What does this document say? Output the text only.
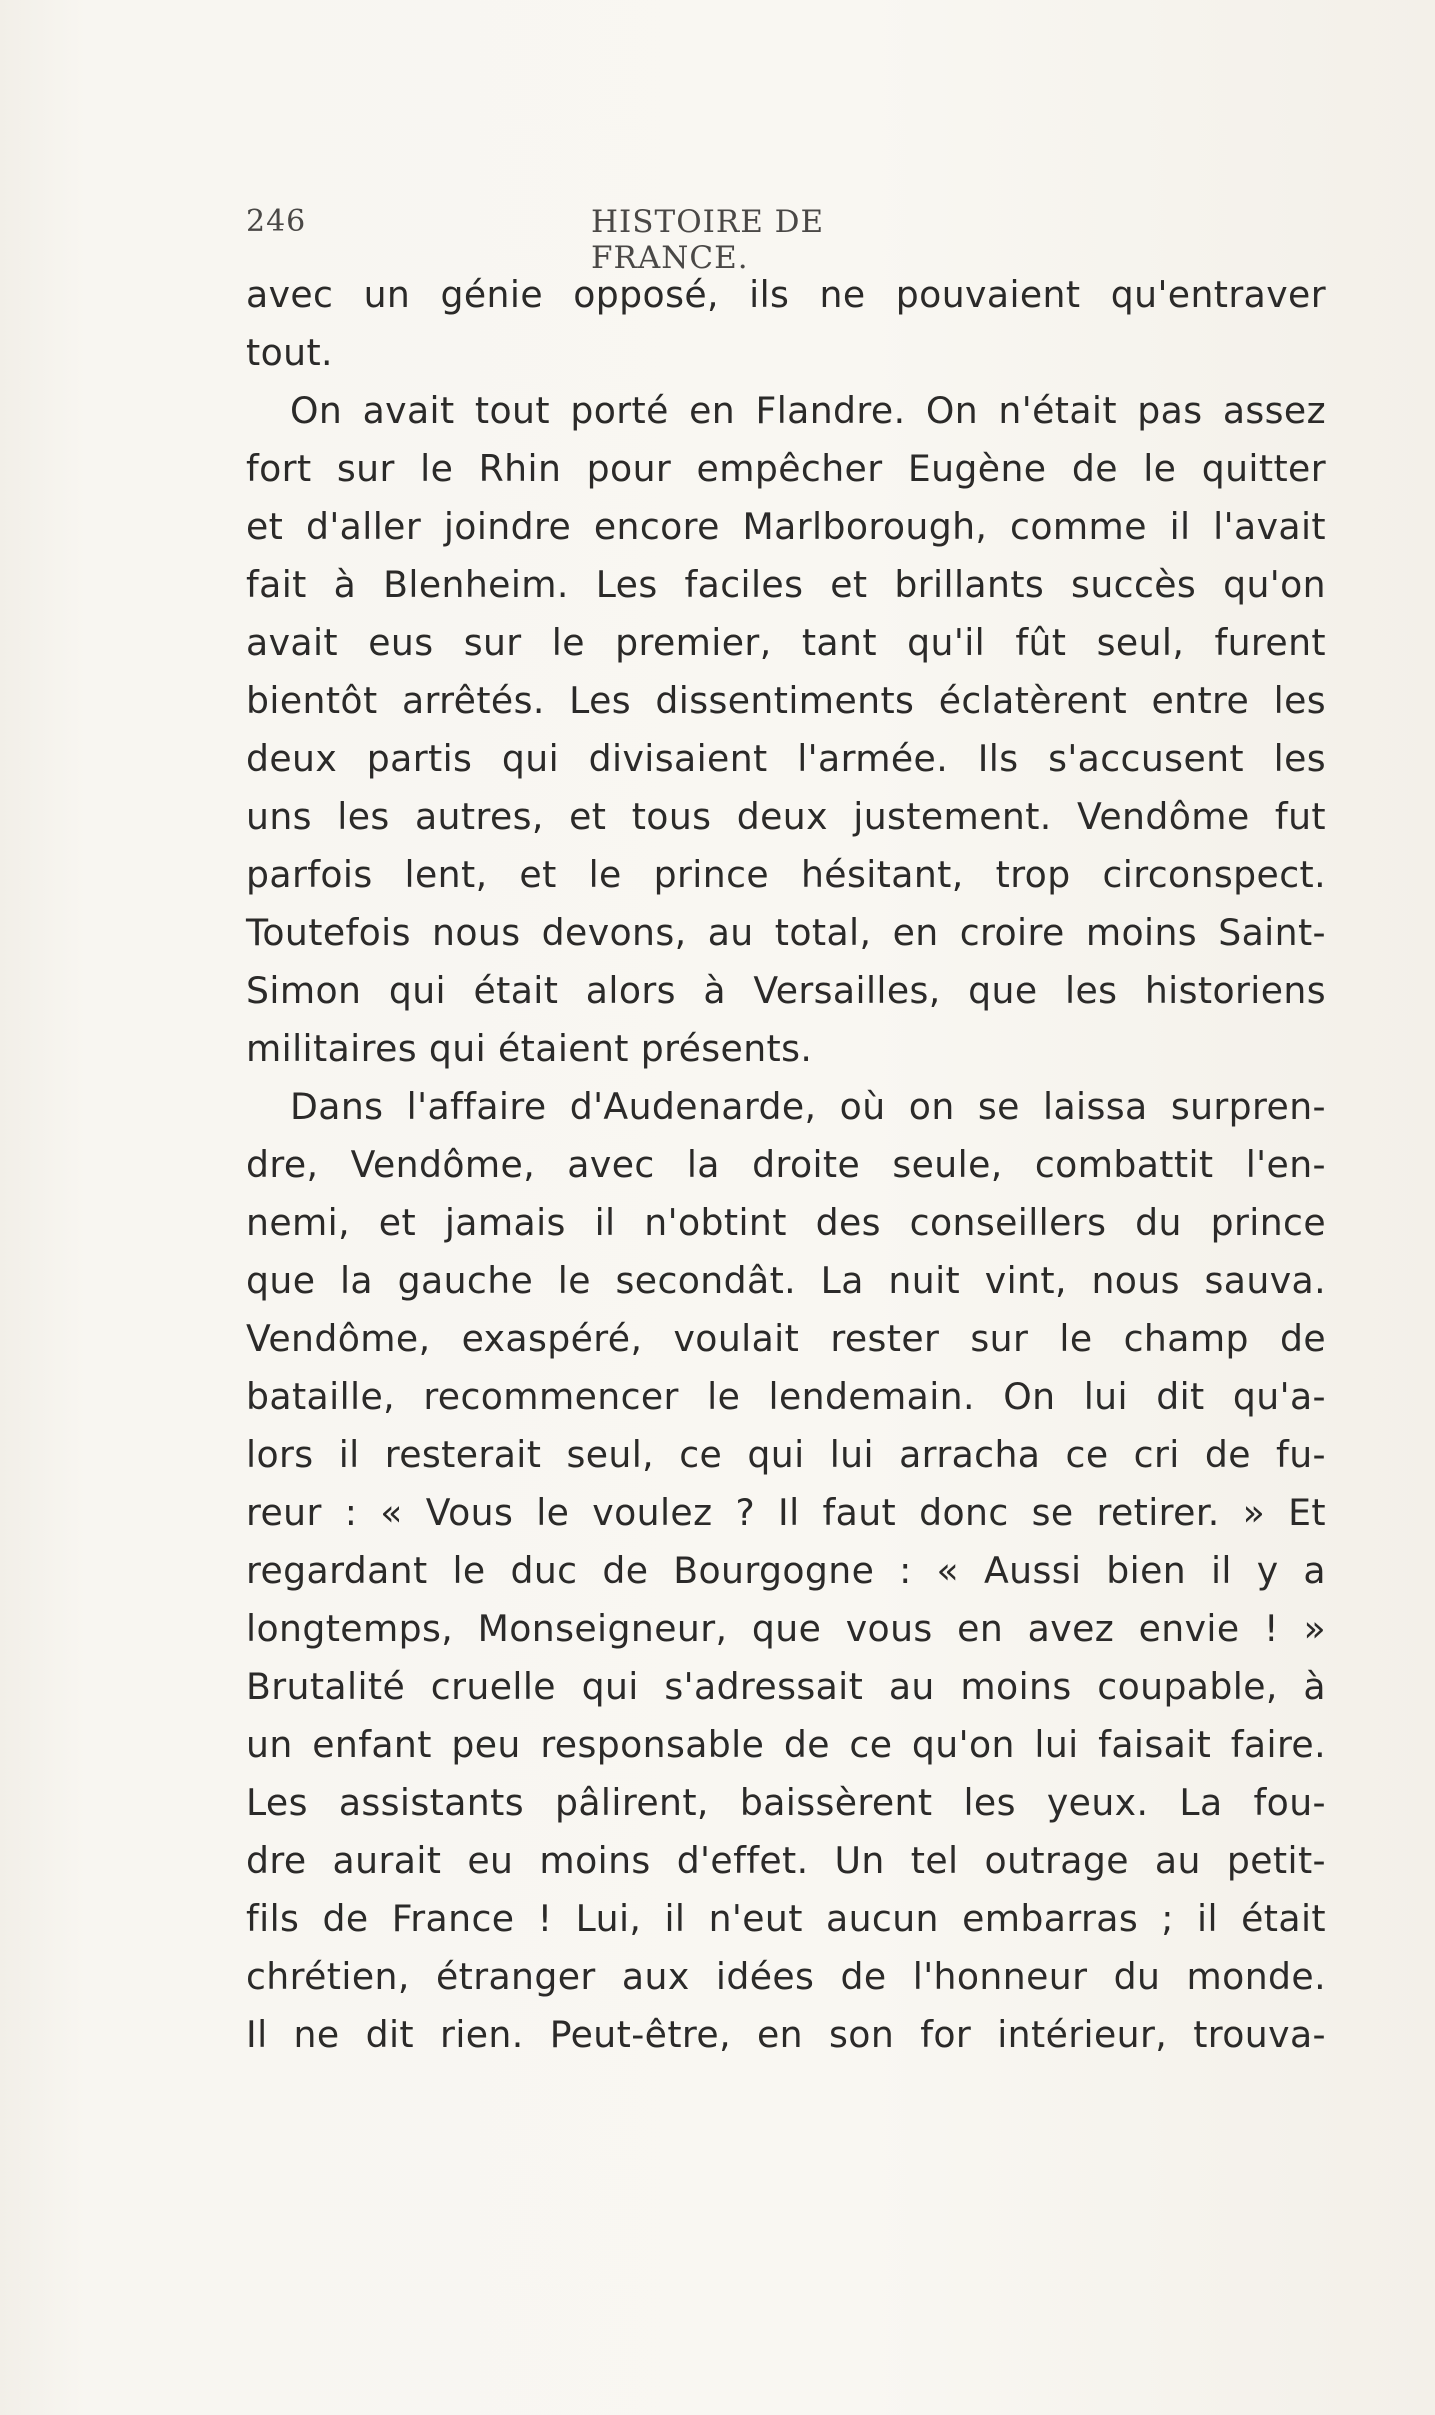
246	HISTOIRE DE FRANCE.

avec un génie opposé, ils ne pouvaient qu'entraver

tout.

On avait tout porté en Flandre. On n'était pas assez

fort sur le Rhin pour empêcher Eugène de le quitter

et d'aller joindre encore Marlborough, comme il l'avait

fait à Blenheim. Les faciles et brillants succès qu'on

avait eus sur le premier, tant qu'il fût seul, furent

bientôt arrêtés. Les dissentiments éclatèrent entre les

deux partis qui divisaient l'armée. Ils s'accusent les

uns les autres, et tous deux justement. Vendôme fut

parfois lent, et le prince hésitant, trop circonspect.

Toutefois nous devons, au total, en croire moins Saint-

Simon qui était alors à Versailles, que les historiens

militaires qui étaient présents.

Dans l'affaire d'Audenarde, où on se laissa surpren-

dre, Vendôme, avec la droite seule, combattit l'en-

nemi, et jamais il n'obtint des conseillers du prince

que la gauche le secondât. La nuit vint, nous sauva.

Vendôme, exaspéré, voulait rester sur le champ de

bataille, recommencer le lendemain. On lui dit qu'a-

lors il resterait seul, ce qui lui arracha ce cri de fu-

reur : « Vous le voulez ? Il faut donc se retirer. » Et

regardant le duc de Bourgogne : « Aussi bien il y a

longtemps, Monseigneur, que vous en avez envie ! »

Brutalité cruelle qui s'adressait au moins coupable, à

un enfant peu responsable de ce qu'on lui faisait faire.

Les assistants pâlirent, baissèrent les yeux. La fou-

dre aurait eu moins d'effet. Un tel outrage au petit-

fils de France ! Lui, il n'eut aucun embarras ; il était

chrétien, étranger aux idées de l'honneur du monde.

Il ne dit rien. Peut-être, en son for intérieur, trouva-
